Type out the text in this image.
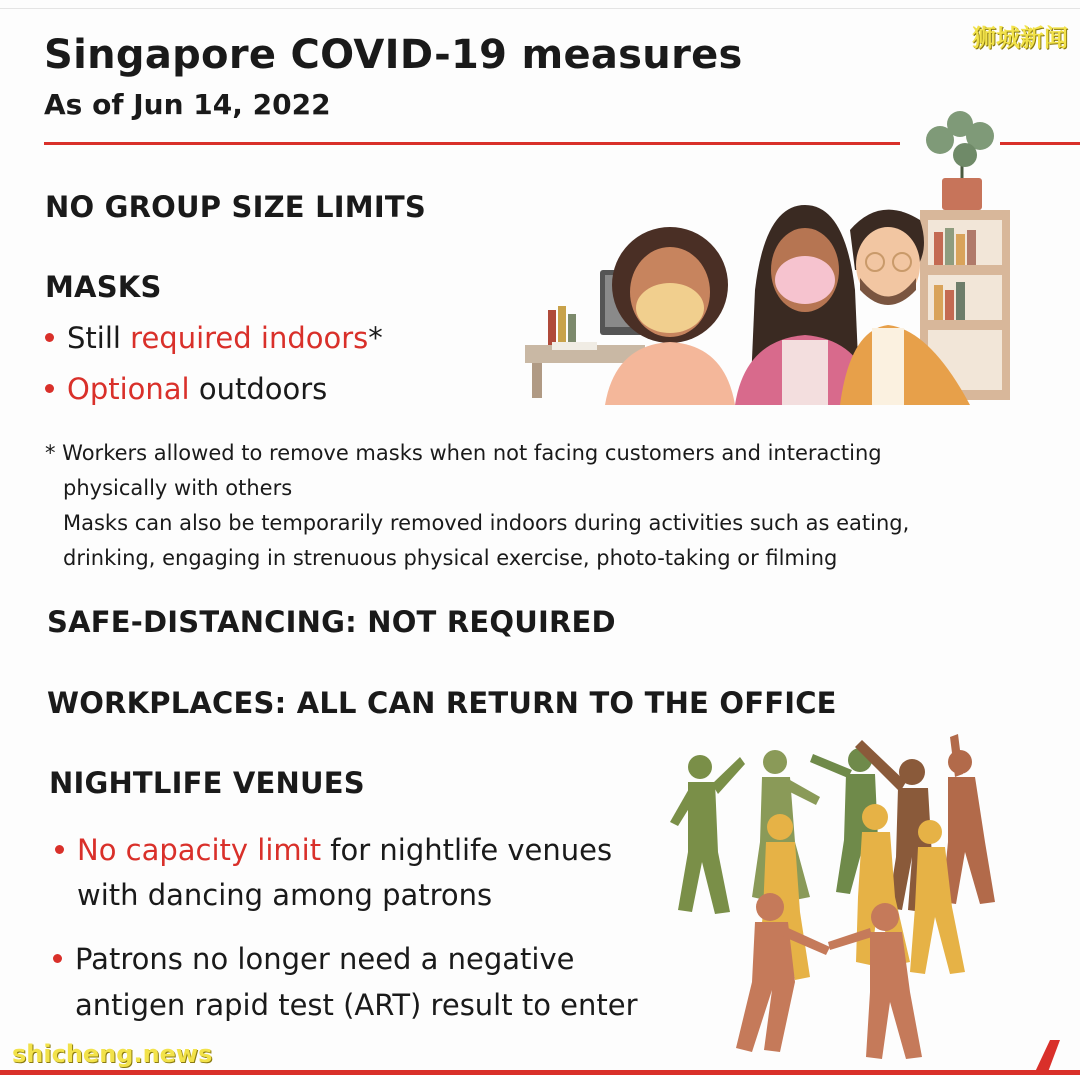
Singapore COVID-19 measures
As of Jun 14, 2022
狮城新闻
NO GROUP SIZE LIMITS
MASKS
Still required indoors*
Optional outdoors
* Workers allowed to remove masks when not facing customers and interacting
physically with others
Masks can also be temporarily removed indoors during activities such as eating,
drinking, engaging in strenuous physical exercise, photo-taking or filming
SAFE-DISTANCING: NOT REQUIRED
WORKPLACES: ALL CAN RETURN TO THE OFFICE
NIGHTLIFE VENUES
No capacity limit for nightlife venues
with dancing among patrons
Patrons no longer need a negative
antigen rapid test (ART) result to enter
shicheng.news
